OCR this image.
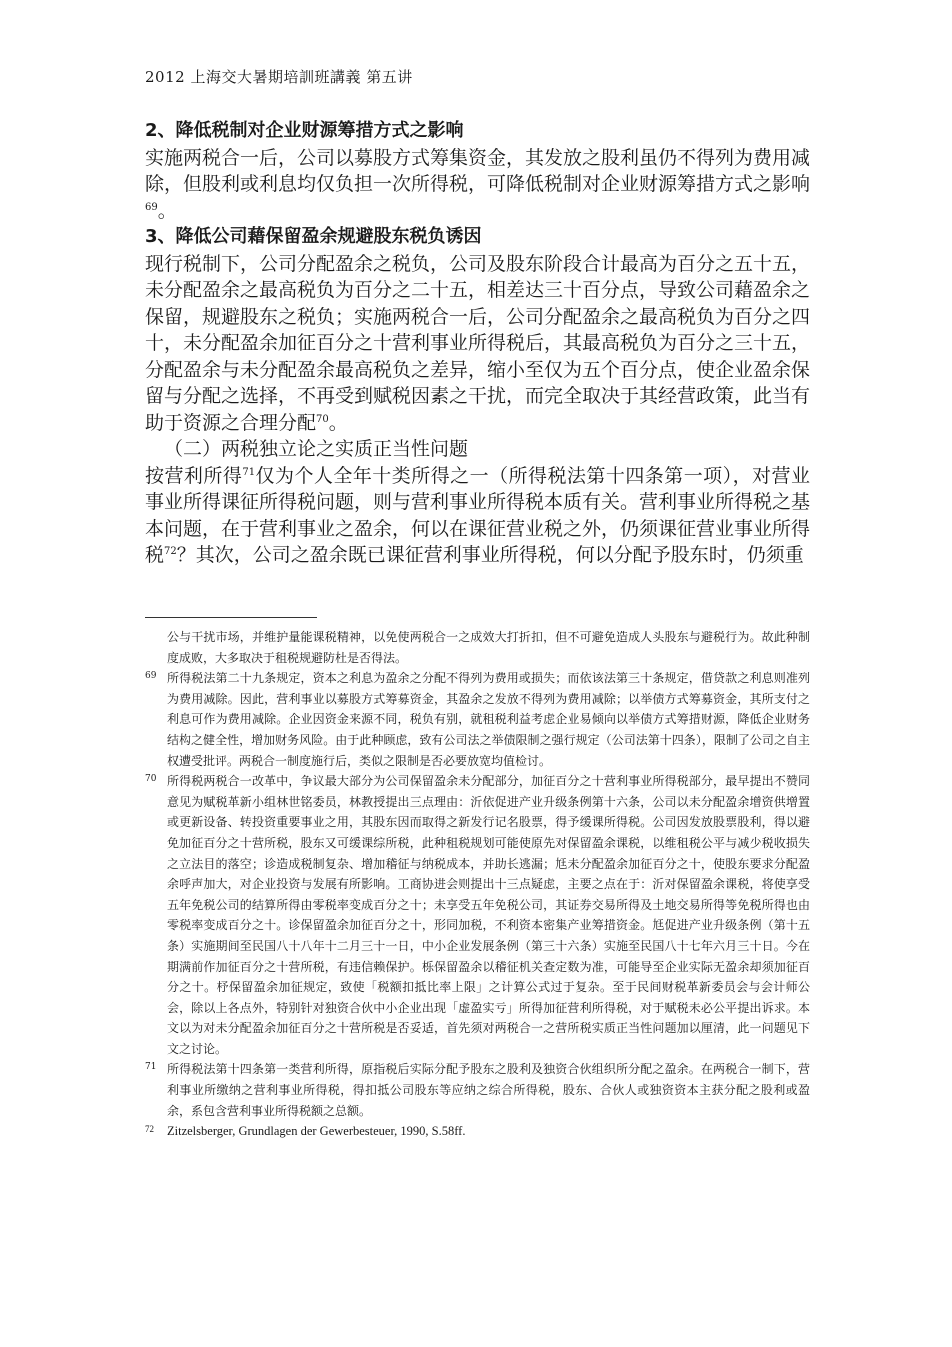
2012 上海交大暑期培訓班講義 第五讲
2、降低税制对企业财源筹措方式之影响

实施两税合一后，公司以募股方式筹集资金，其发放之股利虽仍不得列为费用减除，但股利或利息均仅负担一次所得税，可降低税制对企业财源筹措方式之影响$^{69}$。

3、降低公司藉保留盈余规避股东税负诱因

现行税制下，公司分配盈余之税负，公司及股东阶段合计最高为百分之五十五，未分配盈余之最高税负为百分之二十五，相差达三十百分点，导致公司藉盈余之保留，规避股东之税负；实施两税合一后，公司分配盈余之最高税负为百分之四十，未分配盈余加征百分之十营利事业所得税后，其最高税负为百分之三十五，分配盈余与未分配盈余最高税负之差异，缩小至仅为五个百分点，使企业盈余保留与分配之选择，不再受到赋税因素之干扰，而完全取决于其经营政策，此当有助于资源之合理分配$^{70}$。

（二）两税独立论之实质正当性问题

按营利所得$^{71}$仅为个人全年十类所得之一（所得税法第十四条第一项），对营业事业所得课征所得税问题，则与营利事业所得税本质有关。营利事业所得税之基本问题，在于营利事业之盈余，何以在课征营业税之外，仍须课征营业事业所得税$^{72}$？其次，公司之盈余既已课征营利事业所得税，何以分配予股东时，仍须重

公与干扰市场，并维护量能课税精神，以免使两税合一之成效大打折扣，但不可避免造成人头股东与避税行为。故此种制度成败，大多取决于租税规避防杜是否得法。

69 所得税法第二十九条规定，资本之利息为盈余之分配不得列为费用或损失；而依该法第三十条规定，借贷款之利息则准列为费用减除。因此，营利事业以募股方式筹募资金，其盈余之发放不得列为费用减除；以举债方式筹募资金，其所支付之利息可作为费用减除。企业因资金来源不同，税负有别，就租税利益考虑企业易倾向以举债方式筹措财源，降低企业财务结构之健全性，增加财务风险。由于此种顾虑，致有公司法之举债限制之强行规定（公司法第十四条），限制了公司之自主权遭受批评。两税合一制度施行后，类似之限制是否必要放宽均值检讨。

70 所得税两税合一改革中，争议最大部分为公司保留盈余未分配部分，加征百分之十营利事业所得税部分，最早提出不赞同意见为赋税革新小组林世铭委员，林教授提出三点理由：沂依促进产业升级条例第十六条，公司以未分配盈余增资供增置或更新设备、转投资重要事业之用，其股东因而取得之新发行记名股票，得予缓课所得税。公司因发放股票股利，得以避免加征百分之十营所税，股东又可缓课综所税，此种租税规划可能使原先对保留盈余课税，以维租税公平与减少税收损失之立法目的落空；诊造成税制复杂、增加稽征与纳税成本，并助长逃漏；尪未分配盈余加征百分之十，使股东要求分配盈余呼声加大，对企业投资与发展有所影响。工商协进会则提出十三点疑虑，主要之点在于：沂对保留盈余课税，将使享受五年免税公司的结算所得由零税率变成百分之十；未享受五年免税公司，其证券交易所得及土地交易所得等免税所得也由零税率变成百分之十。诊保留盈余加征百分之十，形同加税，不利资本密集产业筹措资金。尪促进产业升级条例（第十五条）实施期间至民国八十八年十二月三十一日，中小企业发展条例（第三十六条）实施至民国八十七年六月三十日。今在期满前作加征百分之十营所税，有违信赖保护。栎保留盈余以稽征机关查定数为准，可能导至企业实际无盈余却须加征百分之十。杼保留盈余加征规定，致使「税额扣抵比率上限」之计算公式过于复杂。至于民间财税革新委员会与会计师公会，除以上各点外，特别针对独资合伙中小企业出现「虚盈实亏」所得加征营利所得税，对于赋税未必公平提出诉求。本文以为对未分配盈余加征百分之十营所税是否妥适，首先须对两税合一之营所税实质正当性问题加以厘清，此一问题见下文之讨论。

71 所得税法第十四条第一类营利所得，原指税后实际分配予股东之股利及独资合伙组织所分配之盈余。在两税合一制下，营利事业所缴纳之营利事业所得税，得扣抵公司股东等应纳之综合所得税，股东、合伙人或独资资本主获分配之股利或盈余，系包含营利事业所得税额之总额。

72 Zitzelsberger, Grundlagen der Gewerbesteuer, 1990, S.58ff.
